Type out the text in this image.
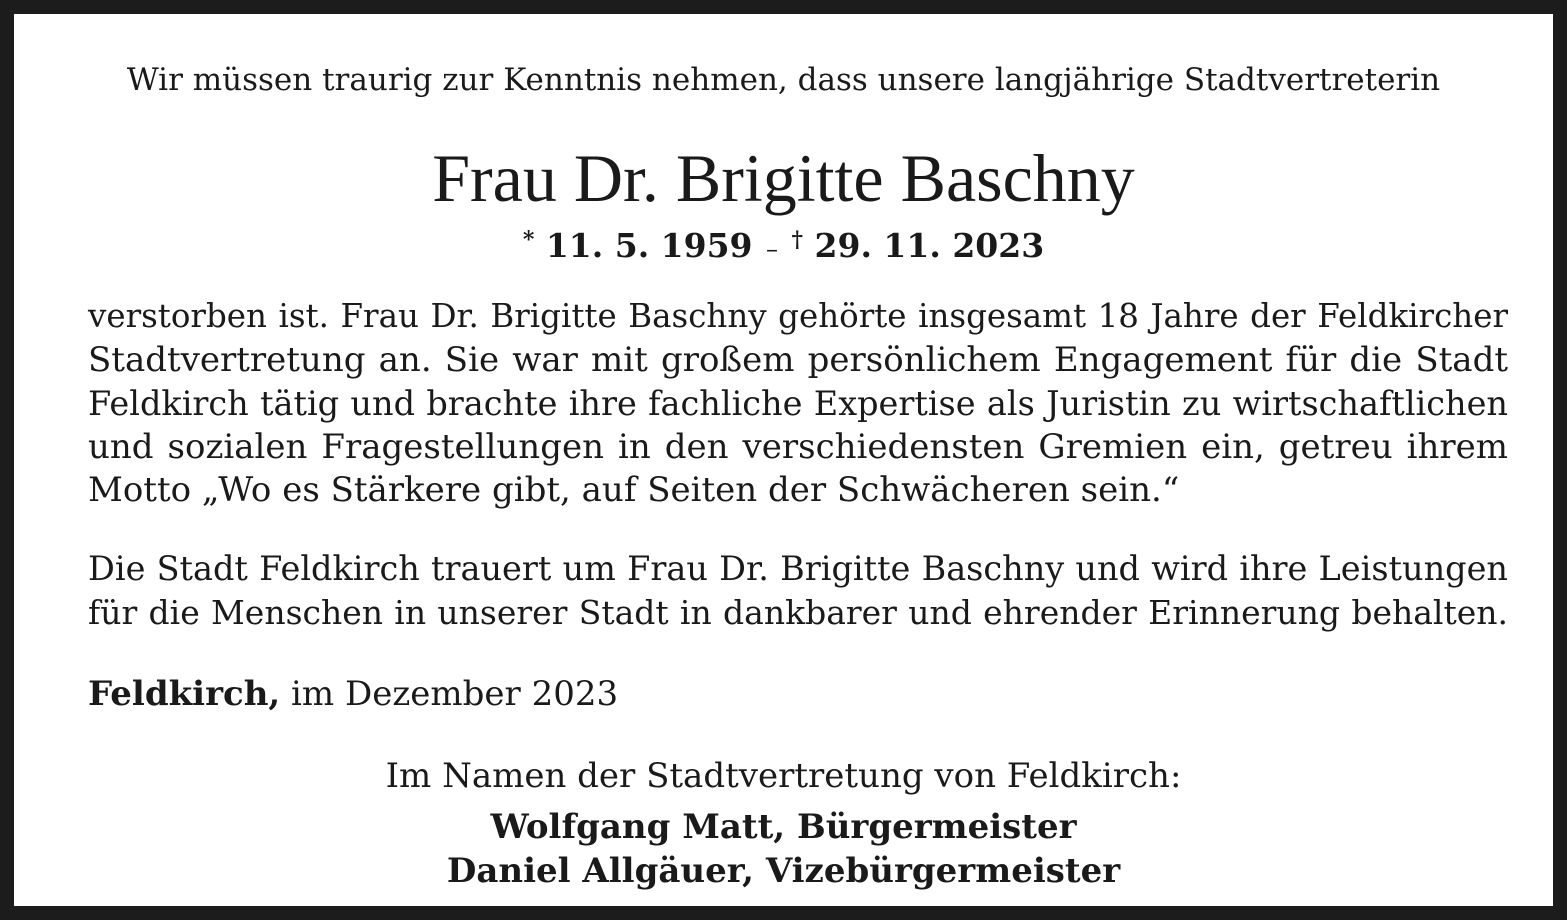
Wir müssen traurig zur Kenntnis nehmen, dass unsere langjährige Stadtvertreterin
Frau Dr. Brigitte Baschny
* 11. 5. 1959 – † 29. 11. 2023
verstorben ist. Frau Dr. Brigitte Baschny gehörte insgesamt 18 Jahre der Feldkircher
Stadtvertretung an. Sie war mit großem persönlichem Engagement für die Stadt
Feldkirch tätig und brachte ihre fachliche Expertise als Juristin zu wirtschaftlichen
und sozialen Fragestellungen in den verschiedensten Gremien ein, getreu ihrem
Motto „Wo es Stärkere gibt, auf Seiten der Schwächeren sein.“
Die Stadt Feldkirch trauert um Frau Dr. Brigitte Baschny und wird ihre Leistungen
für die Menschen in unserer Stadt in dankbarer und ehrender Erinnerung behalten.
Feldkirch, im Dezember 2023
Im Namen der Stadtvertretung von Feldkirch:
Wolfgang Matt, Bürgermeister
Daniel Allgäuer, Vizebürgermeister
